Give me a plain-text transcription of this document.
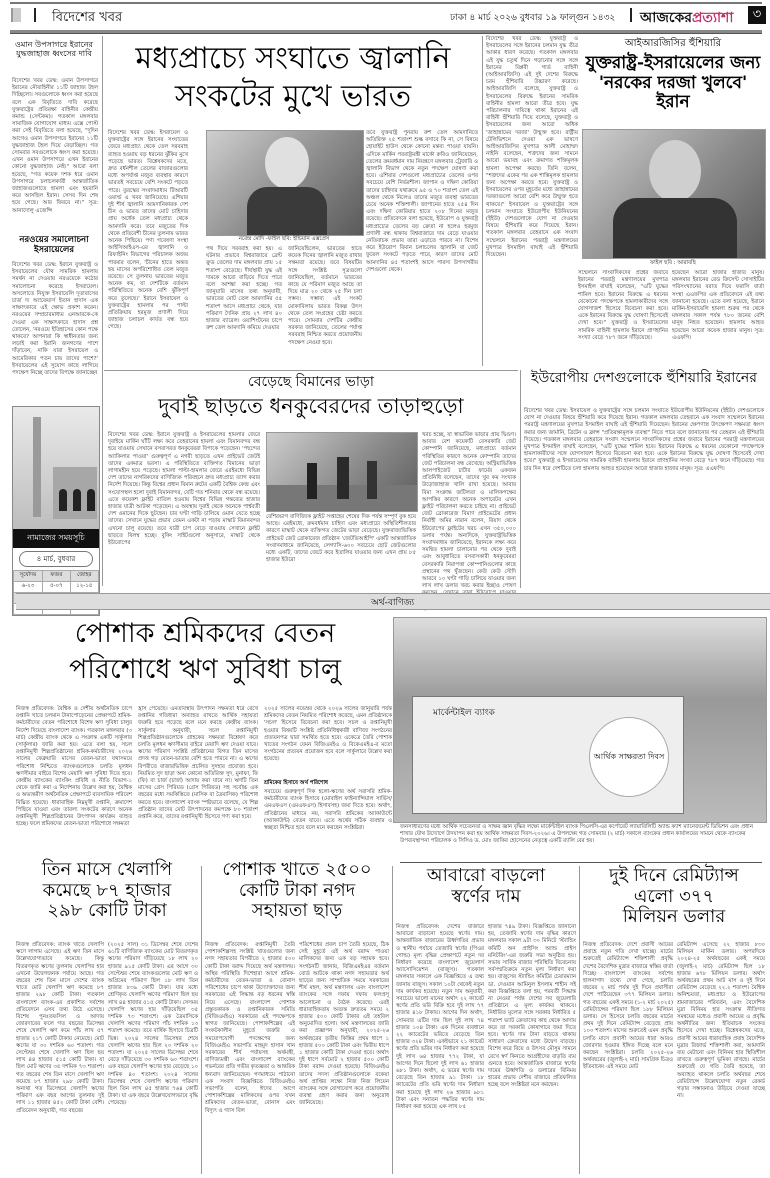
বিদেশের খবর	ঢাকা ৪ মার্চ ২০২৬ বুধবার ১৯ ফাল্গুন ১৪৩২ আজকেরপ্রত্যাশা	৩
ওমান উপসাগরে ইরানের যুদ্ধজাহাজ ধ্বংসের দাবি
বিদেশের খবর ডেস্ক: ওমান উপসাগরে ইরানের নৌবাহিনীর ১১টি জাহাজ টহল দিচ্ছিলো। সবগুলোকে ধ্বংস করা হয়েছে বলে এক বিবৃতিতে দাবি করেছে যুক্তরাষ্ট্রের প্রতিরক্ষা বাহিনীর কেন্দ্রীয় কমান্ড (সেন্টকম)। গতকাল মঙ্গলবার সামাজিক যোগাযোগ মাধ্যম এক্সে পোস্ট করা সেই বিবৃতিতে বলা হয়েছে, "দুদিন আগেও ওমান উপসাগরে ইরানের ১১টি যুদ্ধজাহাজ টহল দিয়ে বেড়াচ্ছিল। গত সোমবার সবগুলোকে ধ্বংস করা হয়েছে। এখন ওমান উপসাগরে এখন ইরানের কোনো যুদ্ধজাহাজ নেই।" আরো বলা হয়েছে, "গত কয়েক দশক ধরে ওমান উপসাগরে চলাচলকারী আন্তর্জাতিক জাহাজগুলোতে হামলা এবং হয়রানি করে আসছিল ইরান। সেসব দিন শেষ হয়ে গেছে। আর ফিরবে না।" সূত্র: আনাদোলু এজেন্সি
নরওয়ের সমালোচনা ইসরায়েলের
বিদেশের খবর ডেস্ক: ইরানে যুক্তরাষ্ট্র ও ইসরায়েলের যৌথ সামরিক হামলায় সমর্থন না দেওয়ায় নরওয়েকে কঠোর সমালোচনা করেছে ইসরায়েল। অসলোতে নিযুক্ত ইসরায়েলি দূতাবাসের চার্জ দ্য অ্যাফেয়ার্স ইতান হাদাস এক সাক্ষাৎকারে এই ক্ষোভ প্রকাশ করেন। নরওয়ের সম্প্রচারমাধ্যম এনআরকে-কে দেওয়া এক সাক্ষাৎকারে হাদাস প্রশ্ন তোলেন, 'নরওয়ে ইতিহাসের কোন পক্ষে থাকবে? আপনারা কি স্বাধীনতার জন্য লড়াই করা ইরানি জনগণের পাশে দাঁড়াবেন, নাকি যারা ইসরায়েল ও আমেরিকার পতন চায় তাদের পাশে?' ইসরায়েলের এই সুযোগ কাছে লাগিয়ে পদক্ষেপ নিচ্ছে তাদের বিপক্ষে জানাচ্ছেন
নামাজের সময়সূচি
৪ মার্চ, বুধবার
সূর্যোদয়	ফজর	জোহর
৬-২৩	৫-০৭	১২-১৫

মধ্যপ্রাচ্যে সংঘাতে জ্বালানি
সংকটের মুখে ভারত
বিদেশের খবর ডেস্ক: ইসরায়েল ও যুক্তরাষ্ট্রের সঙ্গে ইরানের সংঘাতের জেরে মধ্যপ্রাচ্য থেকে তেল সরবরাহ ব্যাহত হওয়ায় বড় ধরনের ঝুঁকির মুখে পড়েছে ভারত। বিশ্লেষকদের মতে, দ্রুত বর্ধনশীল তেলের বাজারগুলোর মধ্যে অপর্যাপ্ত মজুত ব্যবস্থার কারণে ভারতই সবচেয়ে বেশি সংকটে পড়তে পারে। তুরস্কের সংবাদমাধ্যম টিআরটি ওয়ার্ল্ড এ খবর জানিয়েছে। এশিয়ার দুই শীর্ষ জ্বালানি আমদানিকারক দেশ চীন ও ভারত তাদের মোট চাহিদার প্রায় অর্ধেক তেল মধ্যপ্রাচ্য থেকে আমদানি করে। তবে মজুতের দিক থেকে প্রতিবেশী চীনের তুলনায় ভারত অনেক পিছিয়ে। পণ্য গবেষণা সংস্থা আইসিআইএস-এর জ্বালানি ও রিফাইনিং বিভাগের পরিচালক অজয় পারমার বলেন, 'চীনের হাতে অন্তত ছয় মাসের অপরিশোধিত তেল মজুত রয়েছে। সে তুলনায় ভারতের মজুত অনেক কম, যা দেশটিকে বর্তমান পরিস্থিতিতে অনেক বেশি ঝুঁকিপূর্ণ করে তুলেছে।' ইরানে ইসরায়েল ও যুক্তরাষ্ট্রের হামলার পর পাল্টা প্রতিক্রিয়ায় হরমুজ প্রণালী দিয়ে জাহাজ চলাচল কার্যত বন্ধ হয়ে গেছে।
নরেন্দ্র মোদি -ফাইল ছবি: ইন্ডিয়ান এক্সপ্রেস
পথ দিয়ে সরবরাহ করা হয়। এ ঘটনার প্রভাবে বিশ্ববাজারে ব্রেন্ট ক্রুড তেলের দাম মঙ্গলবার প্রায় ১৫ শতাংশ বেড়েছে। দীর্ঘস্থায়ী যুদ্ধ এই দামকে আরো বাড়িয়ে দিতে পারে বলে আশঙ্কা করা হচ্ছে। গত জানুয়ারি মাসের তথ্য অনুযায়ী, ভারতের মোট তেল আমদানির ৫৫ শতাংশ আসে মধ্যপ্রাচ্য থেকে, যার পরিমাণ দৈনিক প্রায় ২৭ লাখ ৪০ হাজার ব্যারেল। ওয়াশিংটনের চাপে রুশ তেল আমদানি কমিয়ে দেওয়ার
জানিয়েছিলেন, ভারতের হাতে কয়েক দিনের জ্বালানি মজুত রাখার সক্ষমতা রয়েছে। তবে বিষয়টির সঙ্গে সংশ্লিষ্ট সূত্রগুলো জানিয়েছিল, বর্তমানে ভারতের কাছে যে পরিমাণ মজুত আছে তা দিয়ে মাত্র ২০ থেকে ২৫ দিন চলা সম্ভব। সম্ভাব্য এই সংকট মোকাবিলায় ভারত বিকল্প উৎস থেকে তেল সংগ্রহের চেষ্টা করতে পারে। সোমবার দেশটির কেন্দ্রীয় সরকার জানিয়েছে, তেলের পর্যাপ্ত সরবরাহ নিশ্চিত করতে প্রয়োজনীয় পদক্ষেপ নেওয়া হবে।
তবে যুক্তরাষ্ট্র পুনরায় রুশ তেল আমদানিতে অতিরিক্ত ২৫ শতাংশ শুল্ক বসাবে কি না, সে বিষয়ে হোয়াইট হাউস থেকে কোনো মন্তব্য পাওয়া যায়নি। এদিকে মার্কিন পররাষ্ট্রমন্ত্রী মার্কো রুবিও জানিয়েছেন, তেলের ক্রমবর্ধমান দাম নিয়ন্ত্রণে মঙ্গলবার ট্রেজারি ও জ্বালানি বিভাগ থেকে নতুন পদক্ষেপ ঘোষণা করা হবে। এশিয়ার দেশগুলো মধ্যপ্রাচ্যের তেলের ওপর সবচেয়ে বেশি নির্ভরশীল। জাপান ও দক্ষিণ কোরিয়া তাদের চাহিদার যথাক্রমে ৯৫ ও ৭০ শতাংশ তেল এই অঞ্চল থেকে নিলেও তাদের মজুত ব্যবস্থা ভারতের চেয়ে অনেক শক্তিশালী। জাপানের হাতে ২৫৪ দিন এবং দক্ষিণ কোরিয়ার হাতে ২০৮ দিনের মজুত রয়েছে। প্রতিবেদনে বলা হয়েছে, ইউরোপ ও যুক্তরাষ্ট্র মধ্যপ্রাচ্যের তেলের বড় ক্রেতা না হলেও হরমুজ প্রণালী বন্ধ থাকায় বিশ্ববাজারে দাম বেড়ে যাওয়ার নেতিবাচক প্রভাব তারা এড়াতে পারবে না। বিশেষ করে ইউরোপ বিমান চলাচলের জ্বালানি বা জেট ফুয়েল সংকটে পড়তে পারে, কারণ তাদের মোট আমদানির ৪৫ শতাংশই আসে পারস্য উপসাগরীয় দেশগুলো থেকে।
বিদেশের খবর ডেস্ক: যুক্তরাষ্ট্র ও ইসরায়েলের সঙ্গে ইরানের চলমান যুদ্ধ তীব্র আকার ধারণ করেছে। গতকাল মঙ্গলবার এই যুদ্ধ চতুর্থ দিনে গড়ানোর সঙ্গে সঙ্গে ইরানের বিপ্লবী গার্ড বাহিনী (আইআরজিসি) এই দুই দেশের বিরুদ্ধে চরম হুঁশিয়ারি উচ্চারণ করেছে। আইআরজিসি বলেছে, যুক্তরাষ্ট্র ও ইসরায়েলের বিরুদ্ধে ইরানের সামরিক বাহিনীর হামলা আরো তীব্র হবে। যুদ্ধ পরিচালনার দায়িত্বে থাকা ইরানের এই বাহিনী হুঁশিয়ারি দিয়ে বলেছে, যুক্তরাষ্ট্র ও ইসরায়েলের জন্য আরো অধিক 'জাহান্নামের দরজা' উন্মুক্ত হবে। রাষ্ট্রীয় টেলিভিশনে দেওয়া এক ভাষণে আইআরজিসির মুখপাত্র আলী মোহাম্মদ নাইনি বলেছেন, শত্রুদের জন্য সামনে আরো ভয়াবহ এবং ক্রমাগত শক্তিমূলক হামলা অপেক্ষা করছে। তিনি বলেন, "শত্রুদের একের পর এক শাস্তিমূলক হামলার জন্য অপেক্ষা করতে হবে। যুক্তরাষ্ট্র ও ইসরায়েলের ওপর মুহূর্তের মধ্যে জাহান্নামের দরজাগুলো আরো বেশি করে উন্মুক্ত হতে থাকবে।" ইসরায়েল ও যুক্তরাষ্ট্রের সঙ্গে চলমান সংঘাতে ইউরোপীয় ইউনিয়নের (ইইউ) দেশগুলোকে যোগ না দেওয়ার বিষয়ে হুঁশিয়ারি করে দিয়েছে ইরান। গতকাল মঙ্গলবার তেহরানে এক সংবাদ সম্মেলনে ইরানের পররাষ্ট্র মন্ত্রণালয়ের মুখপাত্র ইসমাইল বাঘাই এই হুঁশিয়ারি দিয়েছেন।
আইআরজিসির হুঁশিয়ারি
যুক্তরাষ্ট্র-ইসরায়েলের জন্য 'নরকের দরজা খুলবে' ইরান
ফাইল ছবি : আরাবছি
সম্মেলনে সাংবাদিকদের প্রশ্নের জবাবে ইরানের পররাষ্ট্র মন্ত্রণালয়ের মুখপাত্র ইসমাইল বাঘাই বলেছেন, "এটি যুদ্ধের শামিল হবে। ইরানের বিরুদ্ধে এ ধরনের যেকোনো পদক্ষেপকে হামলাকারীদের সঙ্গে যোগসাজশ হিসেবে বিবেচনা করা হবে। একে ইরানের বিরুদ্ধে যুদ্ধ ঘোষণা হিসেবেই দেখা হবে।" যুক্তরাষ্ট্র ও ইসরায়েলের সামরিক বাহিনী হামলায় ইরানে প্রাণহানির সংখ্যা বেড়ে ৭৮৭ জনে দাঁড়িয়েছে।
হয়েছেন আরো হাজার হাজার মানুষ। মঙ্গলবার ইরানের রেড ক্রিসেন্ট সোসাইটির পরিসংখ্যানের বরাত দিয়ে ফরাসি বার্তা সংস্থা এএফপির এক প্রতিবেদনে এই তথ্য জানানো হয়েছে। এতে বলা হয়েছে, ইরানে মার্কিন-ইসরায়েলি হামলা শুরুর পর থেকে মঙ্গলবার সকাল পর্যন্ত ৭৮০ জনের বেশি মানুষ নিহত হয়েছেন। হামলায় আহত হয়েছেন আরো কয়েক হাজার মানুষ। সূত্র: এএফপি।
বেড়েছে বিমানের ভাড়া
দুবাই ছাড়তে ধনকুবেরদের তাড়াহুড়ো
বিদেশের খবর ডেস্ক: ইরানে যুক্তরাষ্ট্র ও ইসরায়েলের হামলার জেরে দুবাইয়ে মার্কিন ঘাঁটি লক্ষ্য করে তেহরানের হামলা এবং বিমানবন্দর বন্ধ হয়ে যাওয়ায় সেখানে বসবাসরত ধনকুবেররা বিপাকে পড়েছেন। 'পছন্দের অ্যাকিলার পাওয়া' গুরুত্বপূর্ণ এ নগরী ছাড়তে এখন প্রাইভেট জেটই তাদের একমাত্র ভরসা। এ পরিস্থিতিতে ব্যক্তিগত বিমানের ভাড়া লাগামহীন হয়ে পড়েছে। হামলা পাল্টা-হামলার জেরে এরইমধ্যে বিভিন্ন দেশ তাদের নাগরিকদের বাণিজ্যিক পরিবহনে দ্রুত মধ্যপ্রাচ্য ত্যাগ করার নির্দেশ দিয়েছে। কিন্তু বিশ্বের প্রধান বিমান রুটের একটি বৈশ্বিক কেন্দ্র এবং সংযোগস্থল হলো দুবাই বিমানবন্দর, যেটি গত শনিবার থেকে বন্ধ রয়েছে। এতে কয়েকশ ফ্লাইট বাতিল হওয়ায় বিশ্বের বিভিন্ন গন্তব্যের হাজার হাজার যাত্রী আটকা পড়েছেন। এ অবস্থায় দুবাই থেকে অনেকে পার্শ্ববর্তী দেশ ওমানের দিকে ছুটছেন। চার ঘণ্টা গাড়ি চালিয়ে ওমান যেতে হচ্ছে তাদের। সেখানে যুদ্ধের প্রভাব তেমন একটা না পড়ায় মাস্কাট বিমানবন্দর এখনো চালু রয়েছে। তবে যাত্রী চাপ বেড়ে যাওয়ায় সেখানে ফ্লাইট ছাড়তে বিলম্ব হচ্ছে। বুকিং সাইটগুলো অনুসারে, মাস্কাট থেকে ইউরোপের
বেশিরভাগ বাণিজ্যিক ফ্লাইট সপ্তাহের শেষের দিক পর্যন্ত সম্পূর্ণ বুক হয়ে আছে। এরইমধ্যে, ক্রমবর্ধমান চাহিদা এবং মধ্যপ্রাচ্যে অস্থিতিশীলতার কারণে মাস্কাট থেকে ব্যক্তিগত জেটের ভাড়া বেড়েছে। যুক্তরাজ্যভিত্তিক প্রাইভেট জেট ব্রোকারেজ প্রতিষ্ঠান 'জেটভিআইপি' একটি আন্তর্জাতিক সংবাদমাধ্যমে জানিয়েছে, লেগ্যাসি-৬০০ সবচেয়ে ছোট জেটগুলোর মধ্যে একটি, তাদের জেটে করে ইতালির যাওয়ার জন্য এখন প্রায় ৮৫ হাজার ইউরো
খরচ হচ্ছে, যা স্বাভাবিক ভাড়ার প্রায় দ্বিগুণ। আবার বেশ কয়েকটি বেসরকারি জেট কোম্পানি জানিয়েছে, মধ্যপ্রাচ্যে বর্তমান পরিস্থিতির কারণে অনেক কোম্পানি তাদের জেট পরিচালনা বন্ধ রেখেছে। অস্ট্রিয়াভিত্তিক আলপাইজেট চার্টার ফার্মের একজন প্রতিনিধি বলেছেন, তাদের খুব কম সংখ্যক উড়োজাহাজ খালি রাখা হয়েছে। আবার বিমা সংক্রান্ত জটিলতা ও মালিকপক্ষের আপত্তির কারণে অনেক অপারেটর এখন ফ্লাইট পরিচালনা করতে চাইছে না। প্রাইভেট জেট ব্রোকারেজ বিমাণ প্রাইভেটের প্রধান নির্বাহী অমির নারান বলেন, রিয়াদ থেকে ইউরোপের ফ্লাইটের খরচ এখন ৩৫০,০০০ ডলার পর্যন্ত। অন্যদিকে, যুক্তরাষ্ট্রভিত্তিক সংবাদমাধ্যম জানিয়েছে, ইরানকে লক্ষ্য করে সমন্বিত হামলা চালানোর পর থেকে দুবাই এবং আবুধাবিতে বসবাসকারী ধনকুবেররা বেসরকারি নিরাপত্তা কোম্পানিগুলোর কাছে প্রস্থানের পথ খুঁজছেন। কেউ কেউ সৌদি আরবে ১০ ঘণ্টা গাড়ি চালিয়ে যাওয়ার জন্য লাখ লাখ ডলার খরচ করার ইচ্ছাও পোষণ
ইউরোপীয় দেশগুলোকে হুঁশিয়ারি ইরানের
বিদেশের খবর ডেস্ক: ইসরায়েল ও যুক্তরাষ্ট্রের সঙ্গে চলমান সংঘাতে ইউরোপীয় ইউনিয়নের (ইইউ) দেশগুলোকে যোগ না দেওয়ার বিষয়ে হুঁশিয়ারি করে দিয়েছে ইরান। গতকাল মঙ্গলবার তেহরানে এক সংবাদ সম্মেলনে ইরানের পররাষ্ট্র মন্ত্রণালয়ের মুখপাত্র ইসমাইল বাঘাই এই হুঁশিয়ারি দিয়েছেন। ইরানের ক্ষেপণাস্ত্র উৎক্ষেপণ সক্ষমতা ধ্বংস করার জন্য জার্মানি, ব্রিটেন ও ফ্রান্স "প্রতিরক্ষামূলক ব্যবস্থা" নিতে পারে বলে জানানোর পর তেহরান এই হুঁশিয়ারি দিয়েছে। গতকাল মঙ্গলবার তেহরানে সংবাদ সম্মেলনে সাংবাদিকদের প্রশ্নের জবাবে ইরানের পররাষ্ট্র মন্ত্রণালয়ের মুখপাত্র ইসমাইল বাঘাই বলেছেন, "এটি যুদ্ধের শামিল হবে। ইরানের বিরুদ্ধে এ ধরনের যেকোনো পদক্ষেপকে হামলাকারীদের সঙ্গে যোগসাজশ হিসেবে বিবেচনা করা হবে। একে ইরানের বিরুদ্ধে যুদ্ধ ঘোষণা হিসেবেই দেখা হবে।" যুক্তরাষ্ট্র ও ইসরায়েলের সামরিক বাহিনী হামলায় ইরানে প্রাণহানির সংখ্যা বেড়ে ৭৮৭ জনে দাঁড়িয়েছে। গত চার দিন ধরে দেশটিতে চলা হামলায় আহত হয়েছেন আরো হাজার হাজার মানুষ। সূত্র: এএফপি।
অর্থ-বাণিজ্য
পোশাক শ্রমিকদের বেতন
পরিশোধে ঋণ সুবিধা চালু
নিজস্ব প্রতিবেদক: বৈশ্বিক ও দেশীয় অর্থনৈতিক চাপে রপ্তানি খাতে চলমান টানাপোড়েনের প্রেক্ষাপটে শ্রমিক-কর্মচারীদের বেতন পরিশোধে বিশেষ ঋণ সুবিধা চালুর নির্দেশ দিয়েছে বাংলাদেশ ব্যাংক। গতকাল মঙ্গলবার (৩ মার্চ) কেন্দ্রীয় ব্যাংক থেকে এ সংক্রান্ত একটি সার্কুলার (সার্কুলার) জারি করা হয়। এতে বলা হয়, সচল রপ্তানিমুখী শিল্পপ্রতিষ্ঠানের শ্রমিক-কর্মচারীদের ২০২৬ সালের ফেব্রুয়ারি মাসের বেতন-ভাতা যথাসময়ে পরিশোধ নিশ্চিতে ব্যাংকগুলোকে চলতি মূলধন ঋণসীমার বাইরে বিশেষ মেয়াদি ঋণ সুবিধা দিতে হবে। কেন্দ্রীয় ব্যাংকের ব্যাংকিং প্রবিধি ও নীতি বিভাগ-১ থেকে জারি করা এ নির্দেশনায় উল্লেখ করা হয়, বৈশ্বিক ও অভ্যন্তরীণ অর্থনৈতিক প্রেক্ষাপটে ব্যবসায়িক পরিবেশ বিঘ্নিত হয়েছে। ধারাবাহিক নিম্নমুখী রপ্তানি, ক্রমাদেশ পিছিয়ে যাওয়া এবং তারল্য সংকটের কারণে অনেক রপ্তানিমুখী শিল্পপ্রতিষ্ঠানের উৎপাদন কার্যক্রম ব্যাহত হচ্ছে। ফলে শ্রমিকদের বেতন-ভাতা পরিশোধে সক্ষমতা
হ্রাস পেয়েছে। এমতাবস্থায় উৎপাদন সক্ষমতা ধরে রেখে রপ্তানির গতিধারা অব্যাহত রাখতে আর্থিক সহায়তা জরুরি হয়ে পড়েছে বলে মনে করছে কেন্দ্রীয় ব্যাংক। সার্কুলার অনুযায়ী, সচল রপ্তানিমুখী শিল্পপ্রতিষ্ঠানগুলোকে গ্রাহকের সক্ষমতা বিশ্লেষণ করে চলতি মূলধন ঋণসীমার বাইরে মেয়াদি ঋণ দেওয়া যাবে। ঋণের পরিমাণ সংশ্লিষ্ট প্রতিষ্ঠানের বিগত তিন মাসের প্রদত্ত গড় বেতন-ভাতার বেশি হতে পারবে না। এ ঋণের বিপরীতে বাজারভিত্তিক প্রচলিত সুদহার প্রযোজ্য হবে। নিয়মিত সুদ ছাড়া অন্য কোনো অতিরিক্ত সুদ, মুনাফা, ফি (ফি) বা চার্জ (চার্জ) আদায় করা যাবে না। ঋণটি তিন মাসের গ্রেস পিরিয়ড (গ্রেস পিরিয়ড) সহ সর্বোচ্চ এক বছরের মধ্যে সমকিস্তিতে (মাসিক বা ত্রৈমাসিক) পরিশোধ করতে হবে। বাংলাদেশ ব্যাংক স্পষ্টভাবে বলেছে, যে শিল্প প্রতিষ্ঠান তাদের মোট উৎপাদনের কমপক্ষে ৮০ শতাংশ রপ্তানি করে, তাদের রপ্তানিমুখী হিসেবে গণ্য করা হবে।
২০২৫ সালের নভেম্বর থেকে ২০২৬ সালের জানুয়ারি পর্যন্ত শ্রমিকদের বেতন নিয়মিত পরিশোধ করেছে, এমন প্রতিষ্ঠানকে 'সচল' হিসেবে বিবেচনা করা হবে। সচল ও রপ্তানিমুখী হওয়ার বিষয়টি সংশ্লিষ্ট প্রতিনিধিত্বকারী বাণিজ্য সংগঠনের প্রত্যয়নপত্র দ্বারা সমর্থিত হতে হবে। একেত্রে তৈরি পোশাক খাতের সংগঠন যেমন বিজিএমইএ ও বিকেএমইএ-র মতো সংগঠনের প্রত্যয়ন প্রয়োজন হবে বলে সার্কুলারে উল্লেখ করা হয়েছে।
শ্রমিকের হিসাবে অর্থ পরিশোধ
সবচেয়ে গুরুত্বপূর্ণ দিক হলো-ঋণের অর্থ সরাসরি শ্রমিক-কর্মচারীদের ব্যাংক হিসাবে (মোবাইল ফাইন্যান্সিয়াল সার্ভিস/এমএফএস (এমএফএস) হিসাবসহ) জমা দিতে হবে। অর্থাৎ, প্রতিষ্ঠানের মাধ্যমে নয়, সরাসরি শ্রমিকের অ্যাকাউন্টে (অ্যাকাউন্ট) বেতন যাবে। এতে অর্থের সঠিক ব্যবহার ও স্বচ্ছতা নিশ্চিত হবে বলে মনে করছেন সংশ্লিষ্টরা।
মার্কেন্টাইল ব্যাংক
আর্থিক সাক্ষরতা দিবস
জনসাধারণের মধ্যে আর্থিক সচেতনতা ও সাক্ষর জ্ঞান বৃদ্ধির লক্ষ্যে মার্কেন্টাইল ব্যাংক পিএলসি-এর কর্পোরেট ল্যায়াবিলিটি অ্যান্ড ক্যাশ ম্যানেজমেন্ট ডিভিশন এবং প্রধান শাখার যৌথ উদ্যোগে উদযাপন করা হয় আর্থিক সাক্ষরতা দিবস-২০২৬। এ উপলক্ষ্যে গত সোমবার (২ মার্চ) সকালে ব্যাংকের প্রধান কার্যালয়ের সামনে থেকে ব্যাংকের উপব্যবস্থাপনা পরিচালক ও সিসিও ড. মোঃ জাকির হোসেনের নেতৃত্বে একটি র‌্যালি বের হয়।
তিন মাসে খেলাপি
কমেছে ৮৭ হাজার
২৯৮ কোটি টাকা
পোশাক খাতে ২৫০০
কোটি টাকা নগদ
সহায়তা ছাড়
আবারো বাড়লো
স্বর্ণের দাম
দুই দিনে রেমিট্যান্স
এলো ৩৭৭
মিলিয়ন ডলার
নিজস্ব প্রতিবেদক: ব্যাংক খাতে খেলাপি ঋণে লাগাম এসেছে। এই ঋণ তিন মাসে উল্লেখযোগ্যভাবে কমেছে। কিন্তু বিতরণকৃত ঋণের তুলনায় খেলাপির হার এখনো উদ্বেগজনক পর্যায়ে আছে। গত বছরের শেষ তিন মাসে দেশের ব্যাংক খাতে মোট খেলাপি ঋণ কমেছে ৮৭ হাজার ২৯৮ কোটি টাকা। গতকাল বাংলাদেশ ব্যাংক-এর প্রকাশিত সর্বশেষ প্রতিবেদনে এসব তথ্য উঠে এসেছে। বিশেষ পুনঃতফসিল ও আদায় জোরদারের ফলে গত বছরের ডিসেম্বর শেষে খেলাপি ঋণ কমে পাঁচ লাখ ৫৭ হাজার ২১৭ কোটি টাকায় নেমেছে। মোট ঋণের যা ৩০ দশমিক ৬০ শতাংশ। গত সেপ্টেম্বর শেষে খেলাপি ঋণ ছিল ছয় লাখ ৪৪ হাজার ৫১৫ কোটি টাকা। যা ছিল মোট ঋণের ৩৫ দশমিক ৭৩ শতাংশ। গত বছরের শেষ তিন মাসে খেলাপি ঋণ কমেছে ৮৭ হাজার ২৯৮ কোটি টাকা। অন্যথা গত ডিসেম্বরে খেলাপি ঋণের পরিমাণ এক বছর আগের তুলনায় দুই লাখ ১১ হাজার ৪৫২ কোটি টাকা বেশি। প্রতিবেদন অনুযায়ী, গত বছরের
(২০২৫ সাল) ৩১ ডিসেম্বর শেষে দেশের ৬১টি বাণিজ্যিক ব্যাংকের মোট বিতরণকৃত ঋণের পরিমাণ দাঁড়িয়েছে ১৮ লাখ ২০ হাজার ৯১৫ কোটি টাকা। এর আগে ৩০ সেপ্টেম্বর শেষে ব্যাংকগুলোর মোট ঋণ ও অগ্রিমের পরিমাণ ছিল ১৮ লাখ তিন হাজার ৮৩৯ কোটি টাকা। যার মধ্যে শ্রেণিকৃত খেলাপি ঋণের পরিমাণ ছিল ছয় লাখ ৪৪ হাজার ৫১৫ কোটি টাকা। সেসময় খেলাপি ঋণের হার দাঁড়িয়েছিল ৩৫ দশমিক ৭৩ শতাংশে। এক ত্রৈমাসিকে খেলাপি ঋণের পরিমাণ পাঁচ দশমিক ১৩ শতাংশ কমেছে। তবে বার্ষিক হিসাবে চিত্রটি ভিন্ন। ২০২৪ সালের ডিসেম্বর শেষে খেলাপি ঋণের হার ছিল ২০ দশমিক ২০ শতাংশ। যা ২০২৫ সালের ডিসেম্বর শেষে বেড়ে দাঁড়িয়েছে ৩০ দশমিক ৬০ শতাংশে। এক বছরে খেলাপি ঋণের হার বেড়েছে ১০ দশমিক ৪০ শতাংশ। ২০২৪ সালের ডিসেম্বর শেষে খেলাপি ঋণের পরিমাণ ছিল তিন লাখ ৪৫ হাজার ৭৬৪ কোটি টাকা। যা এক বছরে উল্লেখযোগ্যভাবে বৃদ্ধি পেয়েছে।
নিজস্ব প্রতিবেদক: রপ্তানিমুখী তৈরি পোশাকশিল্পসহ সংশ্লিষ্ট খাতগুলোর জন্য নগদ সহায়তার বিপরীতে ২ হাজার ৫০০ কোটি টাকা বরাদ্দ দিয়েছে অর্থ মন্ত্রণালয়। অস্থির পরিস্থিতি দিশেহারা আগে শ্রমিক-কর্মচারীদের বেতন-ভাতা ও বোনাস পরিশোধের চাপে থাকা উদ্যোক্তাদের জন্য সরকারের এই সিদ্ধান্ত বড় ধরনের স্বস্তি নিয়ে এসেছে। বাংলাদেশ পোশাক প্রস্তুতকারক ও রপ্তানিকারক সমিতি (বিজিএমইএ) সরকারের এই পদক্ষেপকে স্বাগত জানিয়েছে। পোশাকশিল্পের এই সংকটকালীন মুহূর্তে জরুরি ও সময়োপযোগী পদক্ষেপের জন্য বিজিএমইএ সভাপতি মাহমুদ হাসান খান সরকারের শীর্ষ পর্যায়সহ অর্থমন্ত্রী, বাণিজ্যমন্ত্রী এবং বাংলাদেশ ব্যাংকের গভর্নরের প্রতি গভীর কৃতজ্ঞতা ও আন্তরিক ধন্যবাদ জানিয়েছেন। গণমাধ্যমে পাঠানো এক সংবাদ বিজ্ঞপ্তিতে বিজিএমইএ সভাপতি বলেন, ঈদের আগে পোশাকশিল্পের মালিকদের ওপর যখন শ্রমিকদের বেতন-ভাতা, বোনাস এবং বিদ্যুৎ ও গ্যাস বিল
পরিশোধের প্রবল চাপ তৈরি হয়েছে, ঠিক সেই মুহূর্তে এই অর্থ বরাদ্দ পাওয়া মালিকদের জন্য এক বড় সহায়ক হবে। সংগঠনটি জানায়, বিজিএমইএর বর্তমান বোর্ড আটকে থাকা নগদ সহায়তার অর্থ ছাড়ের জন্য সাম্প্রতিক সময়ে সরকারের শীর্ষ মহল, অর্থ মন্ত্রণালয় এবং বাংলাদেশ ব্যাংকের সঙ্গে দফায় দফায় ফলপ্রসূ আলোচনা ও বৈঠক করেছে। এরই ধারাবাহিকতায় অত্যন্ত দ্রুততম সময়ে ২ হাজার ৫০০ কোটি টাকার এই তহবিল অনুমোদিত হলো। অর্থ মন্ত্রণালয়ের জারি করা প্রজ্ঞাপন অনুযায়ী, ২০২৫-২৬ অর্থবছরের তৃতীয় কিস্তির প্রথম ধাপে ১ হাজার ৫০০ কোটি টাকা এবং দ্বিতীয় ধাপে ১ হাজার কোটি টাকা দেওয়া হবে। অর্থাৎ দুই ধাপে সর্বমোট ২ হাজার ৫০০ কোটি টাকা বরাদ্দ দেওয়া হয়েছে। বিজিএমইএ তাদের সদস্য প্রতিষ্ঠানগুলোকে বকেয়া অর্থ প্রাপ্তির লক্ষ্যে নিজ নিজ লিয়েন ব্যাংকের সঙ্গে যোগাযোগ করে প্রয়োজনীয় ব্যবস্থা গ্রহণ করার জন্য অনুরোধ জানিয়েছে।
নিজস্ব প্রতিবেদক: দেশের বাজারে আবারো বাড়ানো হয়েছে স্বর্ণের দাম। আন্তর্জাতিক বাজারের ঊর্ধ্বগতির প্রভাব ও স্থানীয় পর্যায়ে তেজাবি স্বর্ণের (পিওর গোল্ড) মূল্য বৃদ্ধির প্রেক্ষাপটে নতুন দর নির্ধারণ করেছে বাংলাদেশ জুয়েলার্স অ্যাসোসিয়েশন (বাজুস)। গতকাল মঙ্গলবার সকালে এক বিজ্ঞপ্তিতে এ তথ্য জানায় বাজুস। সকাল ১০টা থেকেই নতুন দাম কার্যকর হয়েছে। নতুন দাম অনুযায়ী, সবচেয়ে ভালো মানের অর্থাৎ ২২ ক্যারেট স্বর্ণের প্রতি ভরি বিক্রি হবে দুই লাখ ৭৭ হাজার ৪১৮ টাকায়। আগের দিন অর্থাৎ, সোমবার এটির দাম ছিল দুই লাখ ৭৪ হাজার ১০৪ টাকা। এক দিনের ব্যবধানে ২২ ক্যারেটের ভরিতে বেড়েছে তিন হাজার ৩২৪ টাকা। একইভাবে ২১ ক্যারেট স্বর্ণের প্রতি ভরির দাম নির্ধারণ করা হয়েছে দুই লাখ ৬৪ হাজার ৭৭২ টাকা, যা আগের দিনে ছিলো দুই লাখ ৬১ হাজার ৬৮১ টাকা। অর্থাৎ, এ ভরের স্বর্ণের দাম বেড়েছে তিন হাজার ৯১ টাকা। ১৮ ক্যারেটের প্রতি ভরি স্বর্ণের দাম নির্ধারণ করা হয়েছে দুই লাখ ২৬ হাজার ৯৮১ টাকা এবং সনাতন পদ্ধতির স্বর্ণের দাম নির্ধারণ করা হয়েছে এক লাখ ৮৫
হাজার ৭৪৯ টাকা। বিজ্ঞপ্তিতে জানানো হয়, তেজাবি স্বর্ণের দাম বৃদ্ধির কারণে মঙ্গলবার সকাল ৯টা ৩০ মিনিটে 'স্ট্যান্ডিং কমিটি অন প্রাইসিং অ্যান্ড প্রাইস মনিটরিং'-এর জরুরি সভা অনুষ্ঠিত হয়। সভায় সার্বিক বাজার পরিস্থিতি বিবেচনায় সর্বসম্মতিক্রমে নতুন মূল্য নির্ধারণ করা হয়। বাজুসের স্ট্যান্ডিং কমিটির চেয়ারম্যান ডা. দেওয়ান আমিনুল ইসলাম শাহীন সই করা বিজ্ঞপ্তিতে বলা হয়, পরবর্তী সিদ্ধান্ত না নেওয়া পর্যন্ত দেশের সব জুয়েলারি প্রতিষ্ঠানে এ মূল্য কার্যকর থাকবে। নির্ধারিত মূল্যের সঙ্গে সরকার নির্ধারিত ৫ শতাংশ ভ্যাট ক্রেতাদের কাছ থেকে আদায় করে তা সরকারি কোষাগারে জমা দিতে হবে। স্বর্ণের দাম টানা বাড়তে থাকায় সাধারণ ক্রেতাদের মধ্যে উদ্বেগ বাড়ছে। বিশেষ করে বিয়ে ও উৎসব মৌসুম সামনে রেখে স্বর্ণ কিনতে আগ্রহীদের বাড়তি ব্যয় গুনতে হবে। আন্তর্জাতিক বাজারে স্বর্ণের দামের ঊর্ধ্বগতি ও ডলারের বিনিময় হারের প্রভাব দেশীয় বাজারে প্রতিফলিত হচ্ছে বলে সংশ্লিষ্টরা মনে করছেন।
নিজস্ব প্রতিবেদক: দেশে প্রবাসী আয়ের প্রবাহে নতুন গতি দেখা যাচ্ছে। মার্চের শুরুতেই রেমিট্যান্সে শক্তিশালী প্রবৃদ্ধি দেশের বৈদেশিক মুদ্রার বাজারে স্বস্তির বার্তা দিচ্ছে। বাংলাদেশ ব্যাংকের সর্বশেষ হালনাগাদ তথ্যে দেখা গেছে, চলতি বছরের ২ মার্চ পর্যন্ত দুই দিনে প্রবাসীরা দেশে পাঠিয়েছেন ৩৭৭ মিলিয়ন ডলার। গত বছরের একই সময়ে (১-২ মার্চ ২০২৫) রেমিট্যান্সের পরিমাণ ছিল ১৮৮ মিলিয়ন ডলার। সে হিসেবে চলতি বছরের মার্চের প্রথম দুই দিনে রেমিট্যান্স বেড়েছে প্রায় ১০০ শতাংশ। মাসের শুরুতেই এমন প্রবৃদ্ধি চলতি মাসে প্রবাসী আয়ের ধারা আরও জোরদার হওয়ার ইঙ্গিত দিচ্ছে বলে মনে করছেন সংশ্লিষ্টরা। চলতি ২০২৫-২৬ অর্থবছরের (জুলাই-২ মার্চ) সামগ্রিক চিত্রও ইতিবাচক। এই সময়ে মোট
রেমিট্যান্স এসেছে ২২ হাজার ৮৩০ মিলিয়ন মার্কিন ডলার। অপরদিকে ২০২৪-২৫ অর্থবছরের একই সময়ে (জুলাই-২ মার্চ) রেমিট্যান্স ছিল ১৮ হাজার ৬৭৮ মিলিয়ন ডলার। অর্থাৎ অর্থবছরের প্রথম আট মাস ও দুই দিনে রেমিট্যান্স বেড়েছে ২২.২ শতাংশ। বৈশ্বিক অনিশ্চয়তা, মধ্যপ্রাচ্য ও ইউরোপের শ্রমবাজারের পরিবর্তন, এবং বৈদেশিক মুদ্রা বিনিময় হার সংক্রান্ত নীতিগত সমন্বয়ের মধ্যেও প্রবাসী আয়ের এ প্রবৃদ্ধি অর্থনীতির জন্য ইতিবাচক সংকেত হিসেবে দেখা হচ্ছে। বিশ্লেষকদের মতে, প্রবাসী আয়ের ধারাবাহিক প্রবাহ বৈদেশিক মুদ্রার রিজার্ভ শক্তিশালী করা, আমদানি ব্যয় মেটানো এবং বিনিময় হার স্থিতিশীল রাখতে গুরুত্বপূর্ণ ভূমিকা রাখছে। মার্চের শুরুতেই যে গতি তৈরি হয়েছে, তা অব্যাহত থাকলে চলতি অর্থবছর শেষে রেমিট্যান্সে উল্লেখযোগ্য নতুন রেকর্ড গড়ার সম্ভাবনাও উড়িয়ে দেওয়া যাচ্ছে না।
